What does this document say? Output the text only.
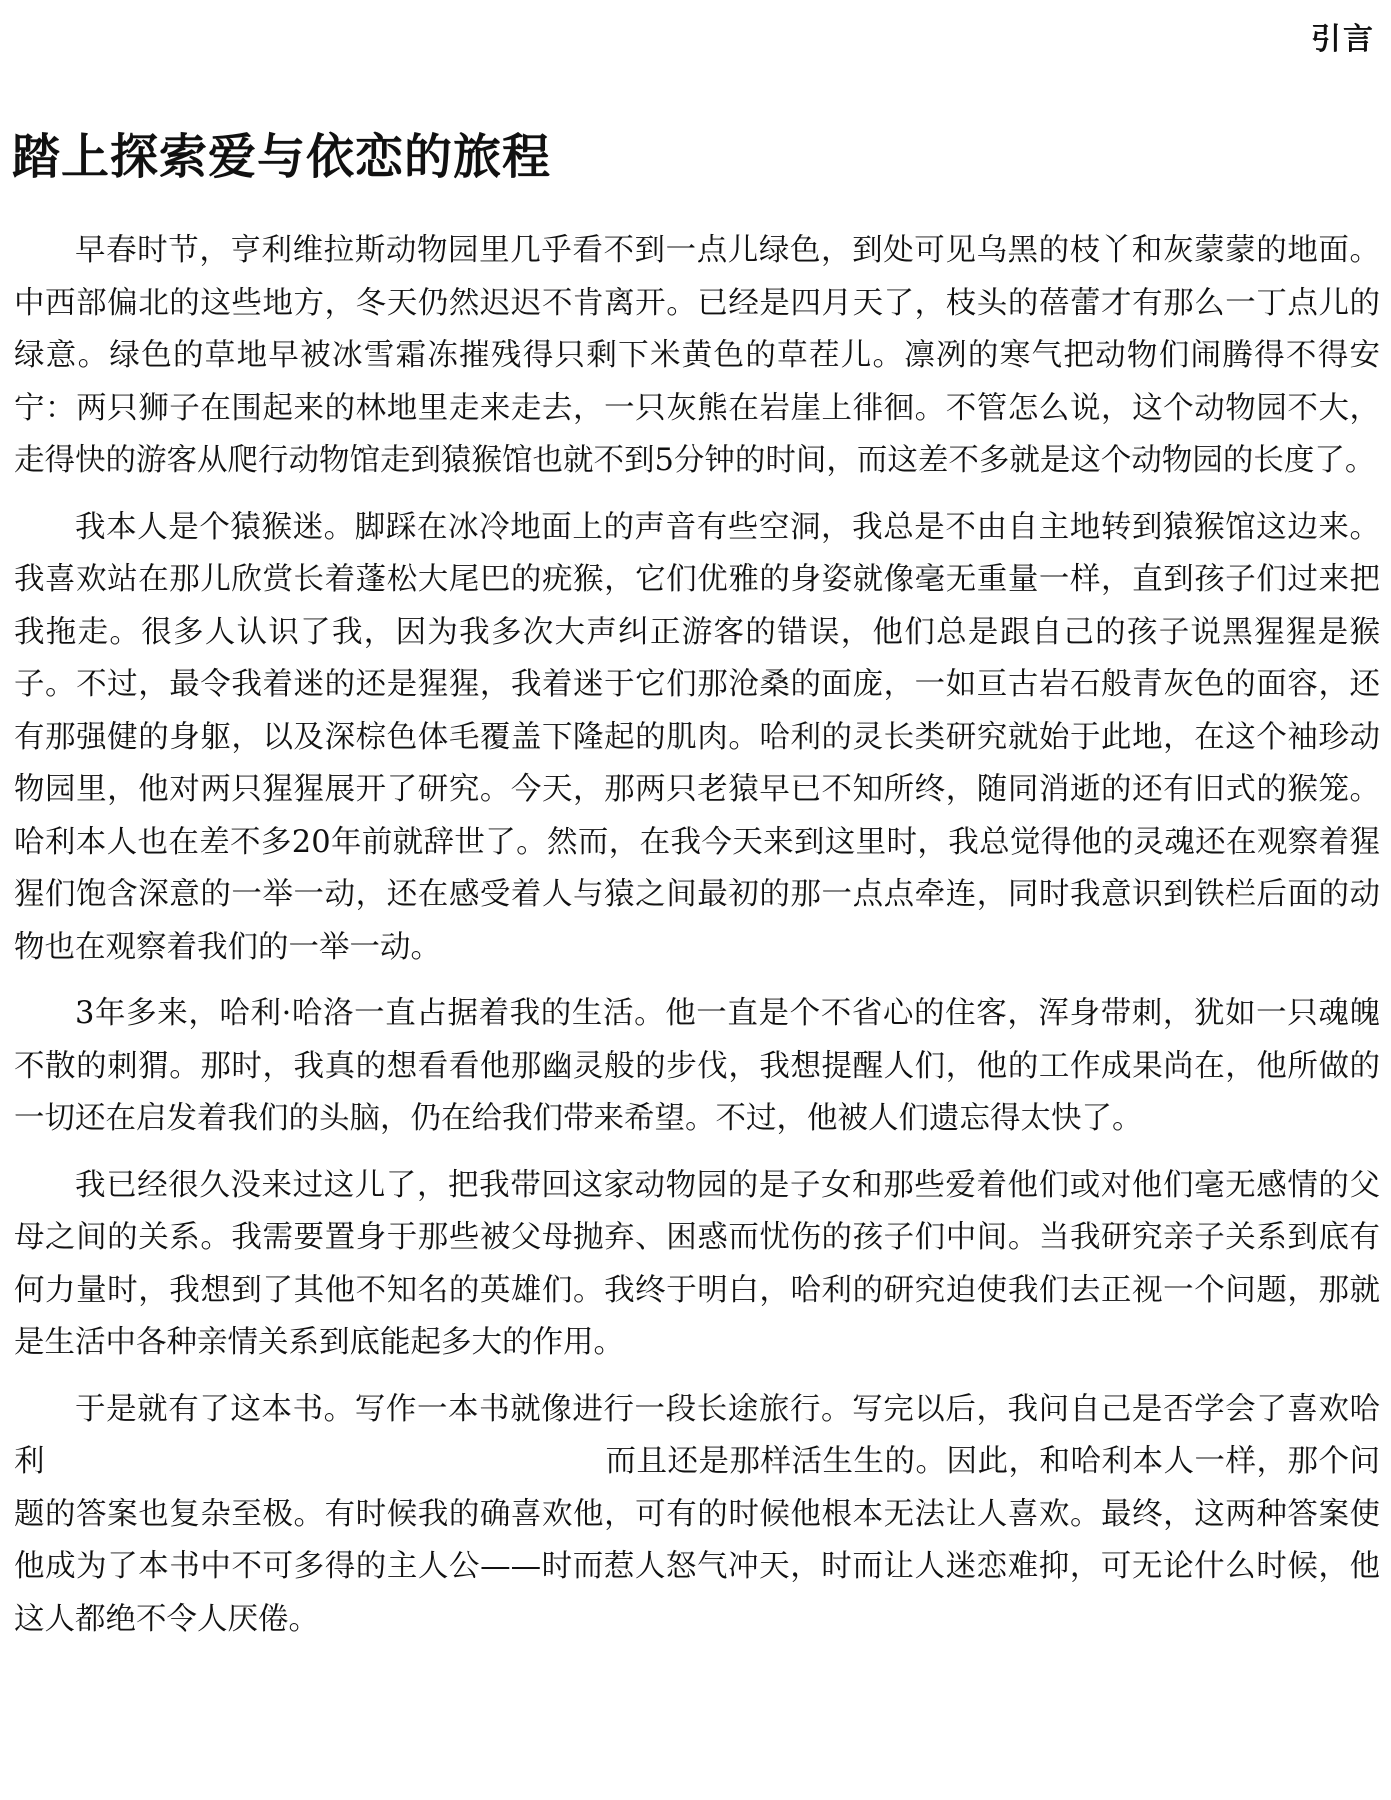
引言
踏上探索爱与依恋的旅程

早春时节，亨利维拉斯动物园里几乎看不到一点儿绿色，到处可见乌黑的枝丫和灰蒙蒙的地面。中西部偏北的这些地方，冬天仍然迟迟不肯离开。已经是四月天了，枝头的蓓蕾才有那么一丁点儿的绿意。绿色的草地早被冰雪霜冻摧残得只剩下米黄色的草茬儿。凛冽的寒气把动物们闹腾得不得安宁：两只狮子在围起来的林地里走来走去，一只灰熊在岩崖上徘徊。不管怎么说，这个动物园不大，走得快的游客从爬行动物馆走到猿猴馆也就不到5分钟的时间，而这差不多就是这个动物园的长度了。

我本人是个猿猴迷。脚踩在冰冷地面上的声音有些空洞，我总是不由自主地转到猿猴馆这边来。我喜欢站在那儿欣赏长着蓬松大尾巴的疣猴，它们优雅的身姿就像毫无重量一样，直到孩子们过来把我拖走。很多人认识了我，因为我多次大声纠正游客的错误，他们总是跟自己的孩子说黑猩猩是猴子。不过，最令我着迷的还是猩猩，我着迷于它们那沧桑的面庞，一如亘古岩石般青灰色的面容，还有那强健的身躯，以及深棕色体毛覆盖下隆起的肌肉。哈利的灵长类研究就始于此地，在这个袖珍动物园里，他对两只猩猩展开了研究。今天，那两只老猿早已不知所终，随同消逝的还有旧式的猴笼。哈利本人也在差不多20年前就辞世了。然而，在我今天来到这里时，我总觉得他的灵魂还在观察着猩猩们饱含深意的一举一动，还在感受着人与猿之间最初的那一点点牵连，同时我意识到铁栏后面的动物也在观察着我们的一举一动。

3年多来，哈利·哈洛一直占据着我的生活。他一直是个不省心的住客，浑身带刺，犹如一只魂魄不散的刺猬。那时，我真的想看看他那幽灵般的步伐，我想提醒人们，他的工作成果尚在，他所做的一切还在启发着我们的头脑，仍在给我们带来希望。不过，他被人们遗忘得太快了。

我已经很久没来过这儿了，把我带回这家动物园的是子女和那些爱着他们或对他们毫无感情的父母之间的关系。我需要置身于那些被父母抛弃、困惑而忧伤的孩子们中间。当我研究亲子关系到底有何力量时，我想到了其他不知名的英雄们。我终于明白，哈利的研究迫使我们去正视一个问题，那就是生活中各种亲情关系到底能起多大的作用。

于是就有了这本书。写作一本书就像进行一段长途旅行。写完以后，我问自己是否学会了喜欢哈利	而且还是那样活生生的。因此，和哈利本人一样，那个问题的答案也复杂至极。有时候我的确喜欢他，可有的时候他根本无法让人喜欢。最终，这两种答案使他成为了本书中不可多得的主人公——时而惹人怒气冲天，时而让人迷恋难抑，可无论什么时候，他这人都绝不令人厌倦。
